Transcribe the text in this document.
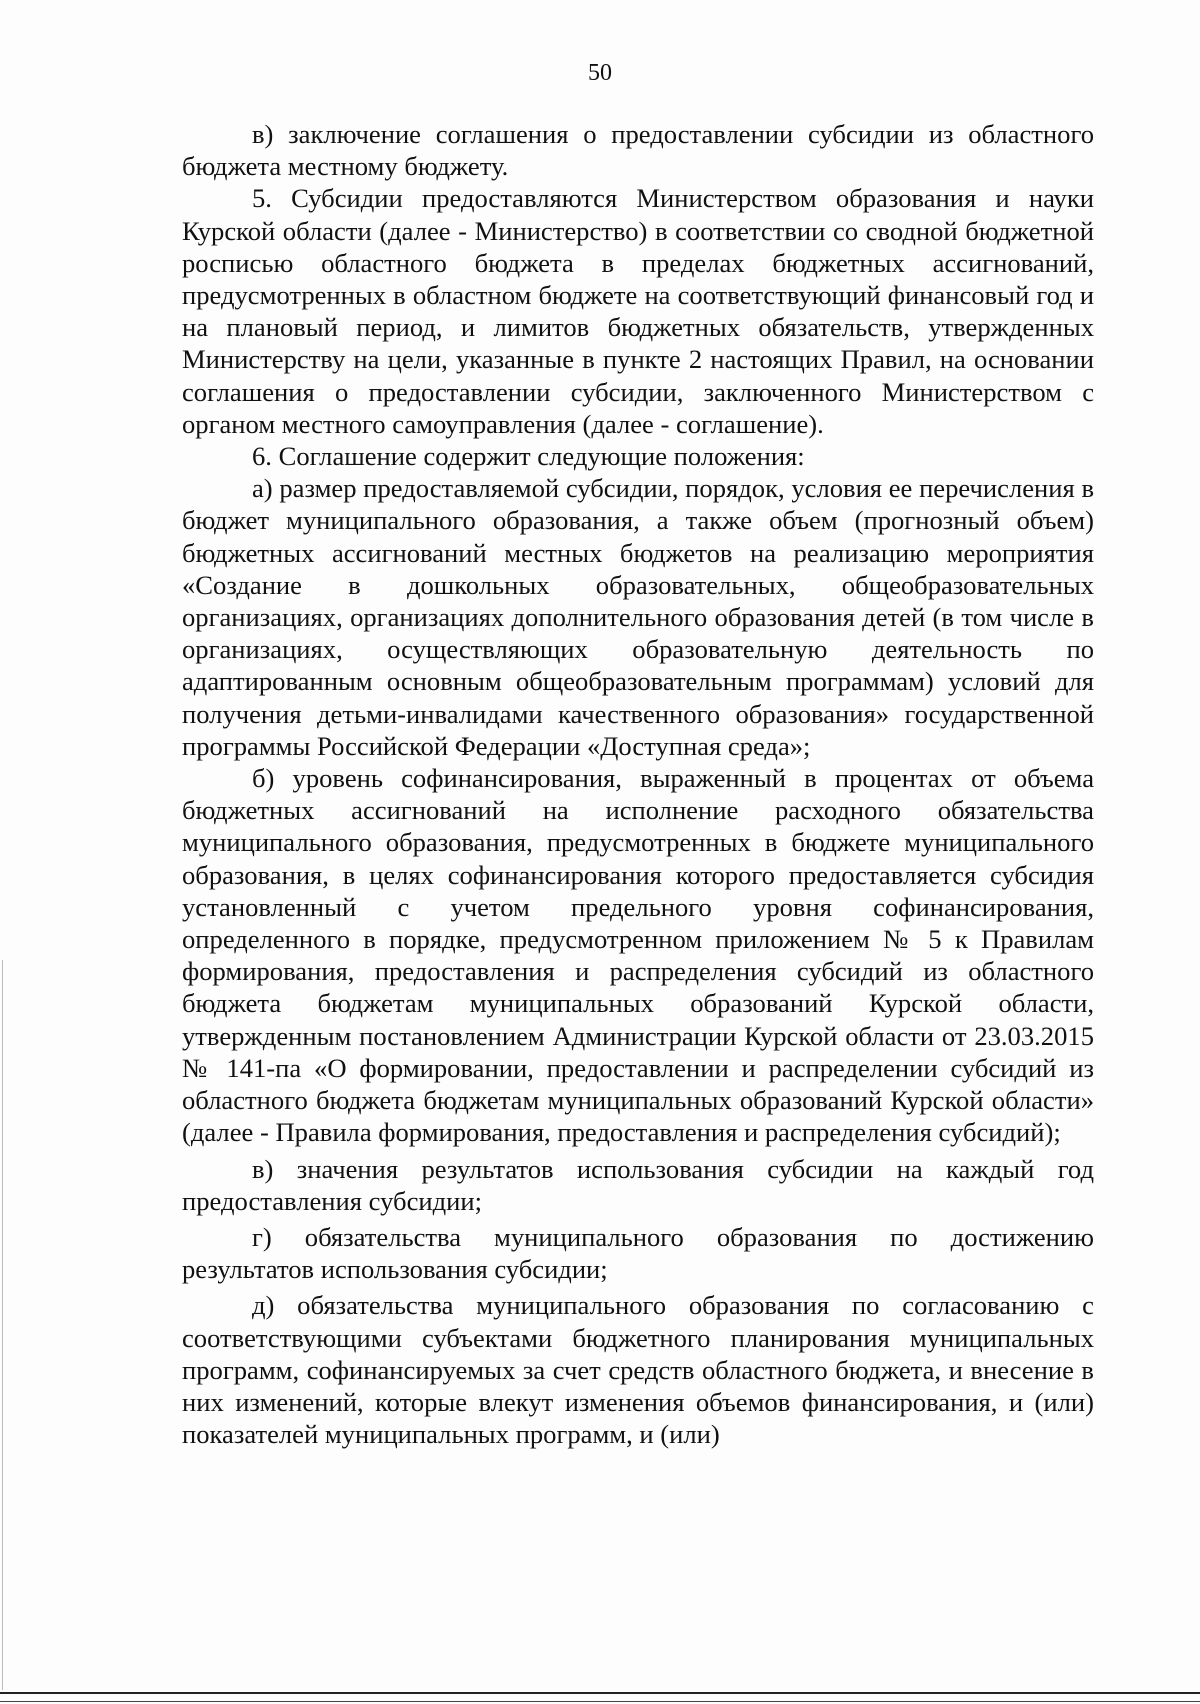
50

в) заключение соглашения о предоставлении субсидии из областного бюджета местному бюджету.

5. Субсидии предоставляются Министерством образования и науки Курской области (далее - Министерство) в соответствии со сводной бюджетной росписью областного бюджета в пределах бюджетных ассигнований, предусмотренных в областном бюджете на соответствующий финансовый год и на плановый период, и лимитов бюджетных обязательств, утвержденных Министерству на цели, указанные в пункте 2 настоящих Правил, на основании соглашения о предоставлении субсидии, заключенного Министерством с органом местного самоуправления (далее - соглашение).

6. Соглашение содержит следующие положения:

а) размер предоставляемой субсидии, порядок, условия ее перечисления в бюджет муниципального образования, а также объем (прогнозный объем) бюджетных ассигнований местных бюджетов на реализацию мероприятия «Создание в дошкольных образовательных, общеобразовательных организациях, организациях дополнительного образования детей (в том числе в организациях, осуществляющих образовательную деятельность по адаптированным основным общеобразовательным программам) условий для получения детьми-инвалидами качественного образования» государственной программы Российской Федерации «Доступная среда»;

б) уровень софинансирования, выраженный в процентах от объема бюджетных ассигнований на исполнение расходного обязательства муниципального образования, предусмотренных в бюджете муниципального образования, в целях софинансирования которого предоставляется субсидия установленный с учетом предельного уровня софинансирования, определенного в порядке, предусмотренном приложением № 5 к Правилам формирования, предоставления и распределения субсидий из областного бюджета бюджетам муниципальных образований Курской области, утвержденным постановлением Администрации Курской области от 23.03.2015 № 141-па «О формировании, предоставлении и распределении субсидий из областного бюджета бюджетам муниципальных образований Курской области» (далее - Правила формирования, предоставления и распределения субсидий);

в) значения результатов использования субсидии на каждый год предоставления субсидии;

г) обязательства муниципального образования по достижению результатов использования субсидии;

д) обязательства муниципального образования по согласованию с соответствующими субъектами бюджетного планирования муниципальных программ, софинансируемых за счет средств областного бюджета, и внесение в них изменений, которые влекут изменения объемов финансирования, и (или) показателей муниципальных программ, и (или)
